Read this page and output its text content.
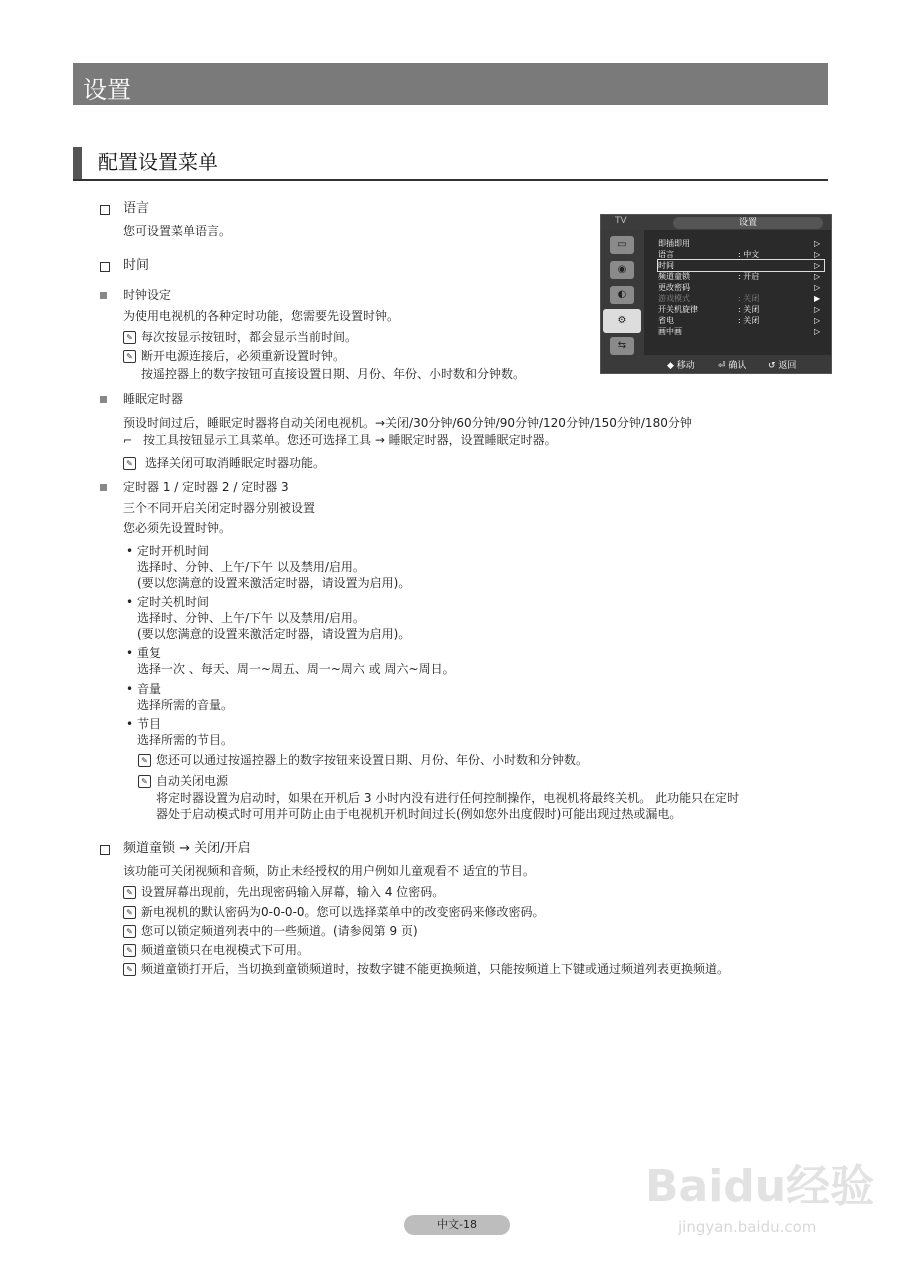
设置
配置设置菜单
语言
您可设置菜单语言。
时间
时钟设定
为使用电视机的各种定时功能，您需要先设置时钟。
✎ 每次按显示按钮时，都会显示当前时间。
✎ 断开电源连接后，必须重新设置时钟。
按遥控器上的数字按钮可直接设置日期、月份、年份、小时数和分钟数。
睡眠定时器
预设时间过后，睡眠定时器将自动关闭电视机。→关闭/30分钟/60分钟/90分钟/120分钟/150分钟/180分钟
⌐ 按工具按钮显示工具菜单。您还可选择工具 → 睡眠定时器，设置睡眠定时器。
✎ 选择关闭可取消睡眠定时器功能。
定时器 1 / 定时器 2 / 定时器 3
三个不同开启关闭定时器分别被设置
您必须先设置时钟。
• 定时开机时间
选择时、分钟、上午/下午 以及禁用/启用。
(要以您满意的设置来激活定时器，请设置为启用)。
• 定时关机时间
选择时、分钟、上午/下午 以及禁用/启用。
(要以您满意的设置来激活定时器，请设置为启用)。
• 重复
选择一次 、每天、周一~周五、周一~周六 或 周六~周日。
• 音量
选择所需的音量。
• 节目
选择所需的节目。
✎ 您还可以通过按遥控器上的数字按钮来设置日期、月份、年份、小时数和分钟数。
✎ 自动关闭电源
将定时器设置为启动时，如果在开机后 3 小时内没有进行任何控制操作，电视机将最终关机。 此功能只在定时
器处于启动模式时可用并可防止由于电视机开机时间过长(例如您外出度假时)可能出现过热或漏电。
频道童锁 → 关闭/开启
该功能可关闭视频和音频，防止未经授权的用户例如儿童观看不 适宜的节目。
✎ 设置屏幕出现前，先出现密码输入屏幕，输入 4 位密码。
✎ 新电视机的默认密码为0-0-0-0。您可以选择菜单中的改变密码来修改密码。
✎ 您可以锁定频道列表中的一些频道。(请参阅第 9 页)
✎ 频道童锁只在电视模式下可用。
✎ 频道童锁打开后，当切换到童锁频道时，按数字键不能更换频道，只能按频道上下键或通过频道列表更换频道。
TV	设置
▭
◉
◐
⚙
⇆
即插即用	▷
语言	: 中文	▷
时间	▷
频道童锁	: 开启	▷
更改密码	▷
游戏模式	: 关闭	▶
开关机旋律	: 关闭	▷
省电	: 关闭	▷
画中画	▷
◆ 移动	⏎ 确认 ↺ 返回
Baidu经验
jingyan.baidu.com
中文-18
